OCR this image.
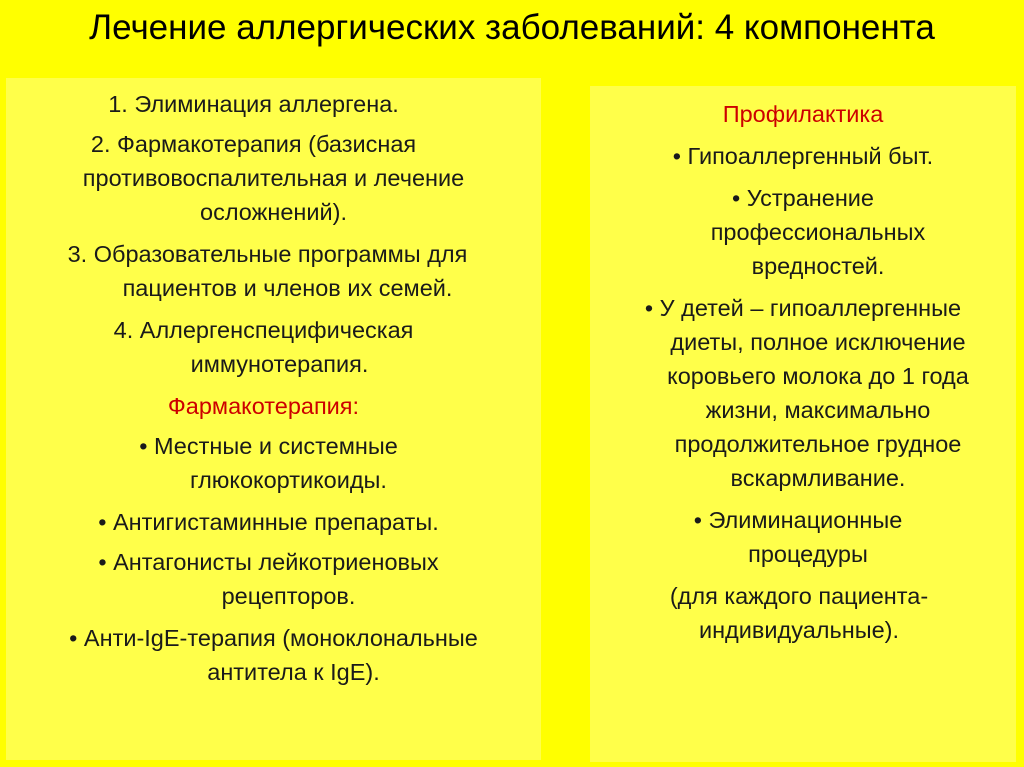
Лечение аллергических заболеваний: 4 компонента
1. Элиминация аллергена.
2. Фармакотерапия (базисная
противовоспалительная и лечение
осложнений).
3. Образовательные программы для
пациентов и членов их семей.
4. Аллергенспецифическая
иммунотерапия.
Фармакотерапия:
• Местные и системные
глюкокортикоиды.
• Антигистаминные препараты.
• Антагонисты лейкотриеновых
рецепторов.
• Анти-IgE-терапия (моноклональные
антитела к IgE).
Профилактика
• Гипоаллергенный быт.
• Устранение
профессиональных
вредностей.
• У детей – гипоаллергенные
диеты, полное исключение
коровьего молока до 1 года
жизни, максимально
продолжительное грудное
вскармливание.
• Элиминационные
процедуры
(для каждого пациента-
индивидуальные).
